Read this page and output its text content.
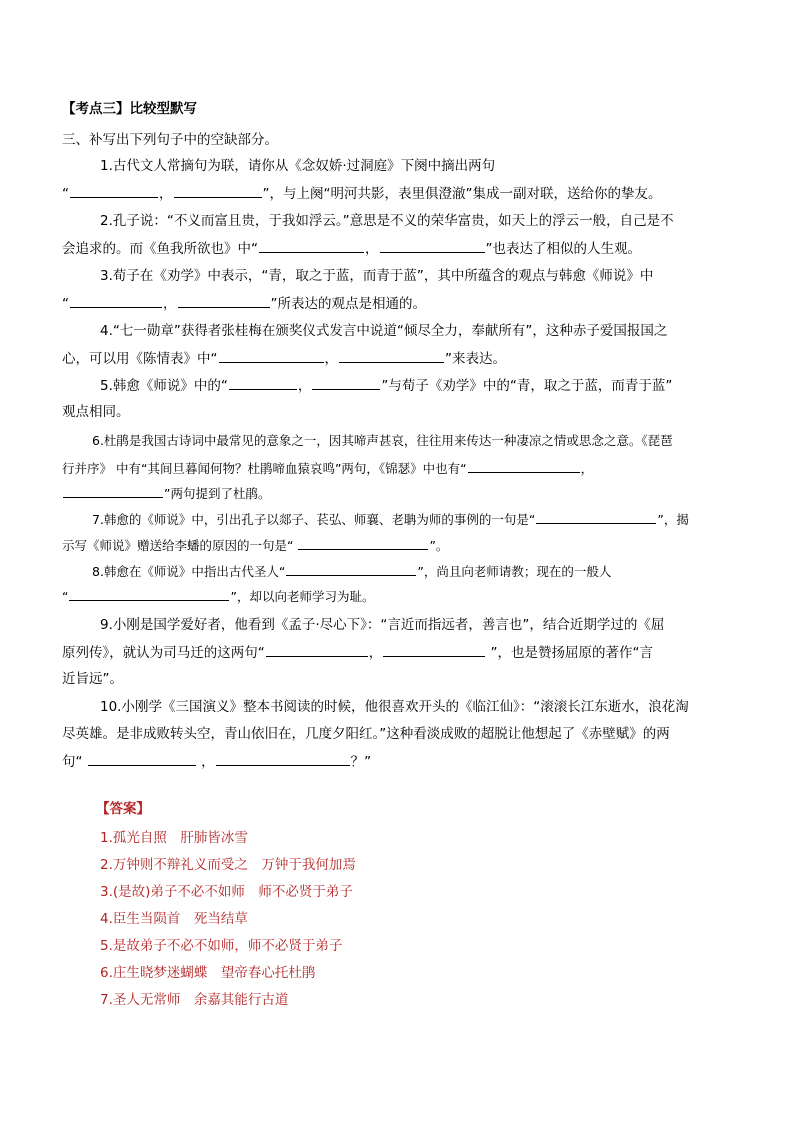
【考点三】比较型默写
三、补写出下列句子中的空缺部分。
1.古代文人常摘句为联，请你从《念奴娇·过洞庭》下阕中摘出两句
“	，	”，与上阕“明河共影，表里俱澄澈”集成一副对联，送给你的挚友。
2.孔子说：“不义而富且贵，于我如浮云。”意思是不义的荣华富贵，如天上的浮云一般，自己是不
会追求的。而《鱼我所欲也》中“	，	”也表达了相似的人生观。
3.荀子在《劝学》中表示，“青，取之于蓝，而青于蓝”，其中所蕴含的观点与韩愈《师说》中
“	，	”所表达的观点是相通的。
4.“七一勋章”获得者张桂梅在颁奖仪式发言中说道“倾尽全力，奉献所有”，这种赤子爱国报国之
心，可以用《陈情表》中“	，	”来表达。
5.韩愈《师说》中的“	，	”与荀子《劝学》中的“青，取之于蓝，而青于蓝”
观点相同。
6.杜鹃是我国古诗词中最常见的意象之一，因其啼声甚哀，往往用来传达一种凄凉之情或思念之意。《琵琶
行并序》 中有“其间旦暮闻何物？杜鹃啼血猿哀鸣”两句，《锦瑟》中也有“	，
”两句提到了杜鹃。
7.韩愈的《师说》中，引出孔子以郯子、苌弘、师襄、老聃为师的事例的一句是“	”，揭
示写《师说》赠送给李蟠的原因的一句是“	”。
8.韩愈在《师说》中指出古代圣人“	”，尚且向老师请教；现在的一般人
“	”，却以向老师学习为耻。
9.小刚是国学爱好者，他看到《孟子·尽心下》：“言近而指远者，善言也”，结合近期学过的《屈
原列传》，就认为司马迁的这两句“	，	”，也是赞扬屈原的著作“言
近旨远”。
10.小刚学《三国演义》整本书阅读的时候，他很喜欢开头的《临江仙》：“滚滚长江东逝水，浪花淘
尽英雄。是非成败转头空，青山依旧在，几度夕阳红。”这种看淡成败的超脱让他想起了《赤壁赋》的两
句“	，	？”
【答案】
1.孤光自照　肝肺皆冰雪
2.万钟则不辩礼义而受之　万钟于我何加焉
3.(是故)弟子不必不如师　师不必贤于弟子
4.臣生当陨首　死当结草
5.是故弟子不必不如师，师不必贤于弟子
6.庄生晓梦迷蝴蝶　望帝春心托杜鹃
7.圣人无常师　余嘉其能行古道
